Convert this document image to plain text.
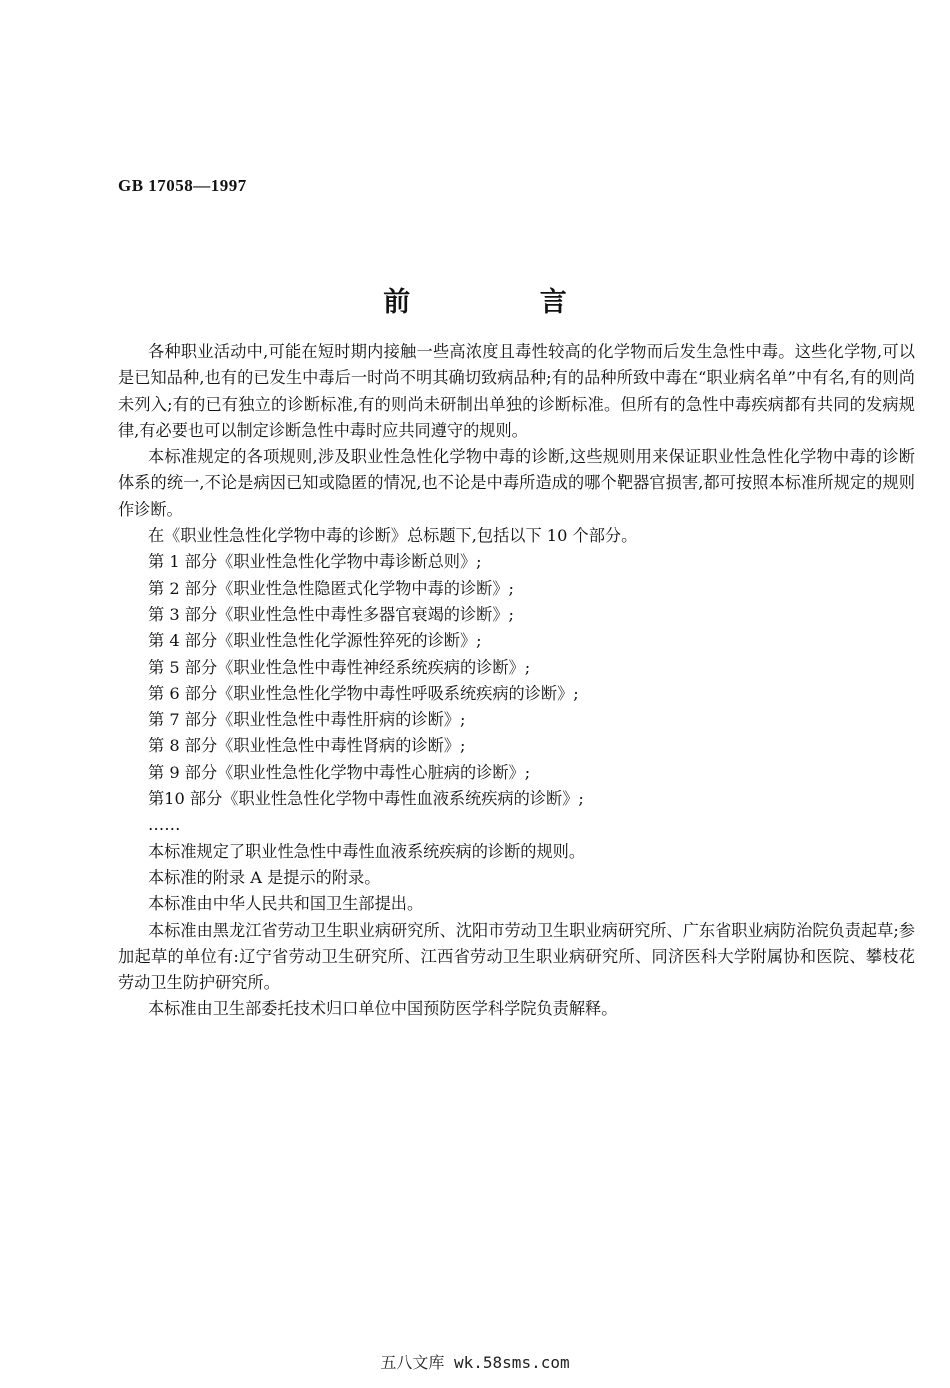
GB 17058—1997
前 言

各种职业活动中,可能在短时期内接触一些高浓度且毒性较高的化学物而后发生急性中毒。这些化学物,可以是已知品种,也有的已发生中毒后一时尚不明其确切致病品种;有的品种所致中毒在“职业病名单”中有名,有的则尚未列入;有的已有独立的诊断标准,有的则尚未研制出单独的诊断标准。但所有的急性中毒疾病都有共同的发病规律,有必要也可以制定诊断急性中毒时应共同遵守的规则。

本标准规定的各项规则,涉及职业性急性化学物中毒的诊断,这些规则用来保证职业性急性化学物中毒的诊断体系的统一,不论是病因已知或隐匿的情况,也不论是中毒所造成的哪个靶器官损害,都可按照本标准所规定的规则作诊断。

在《职业性急性化学物中毒的诊断》总标题下,包括以下 10 个部分。

第 1 部分《职业性急性化学物中毒诊断总则》;
第 2 部分《职业性急性隐匿式化学物中毒的诊断》;
第 3 部分《职业性急性中毒性多器官衰竭的诊断》;
第 4 部分《职业性急性化学源性猝死的诊断》;
第 5 部分《职业性急性中毒性神经系统疾病的诊断》;
第 6 部分《职业性急性化学物中毒性呼吸系统疾病的诊断》;
第 7 部分《职业性急性中毒性肝病的诊断》;
第 8 部分《职业性急性中毒性肾病的诊断》;
第 9 部分《职业性急性化学物中毒性心脏病的诊断》;
第10 部分《职业性急性化学物中毒性血液系统疾病的诊断》;
……

本标准规定了职业性急性中毒性血液系统疾病的诊断的规则。

本标准的附录 A 是提示的附录。

本标准由中华人民共和国卫生部提出。

本标准由黑龙江省劳动卫生职业病研究所、沈阳市劳动卫生职业病研究所、广东省职业病防治院负责起草;参加起草的单位有:辽宁省劳动卫生研究所、江西省劳动卫生职业病研究所、同济医科大学附属协和医院、攀枝花劳动卫生防护研究所。

本标准由卫生部委托技术归口单位中国预防医学科学院负责解释。

五八文库 wk.58sms.com
